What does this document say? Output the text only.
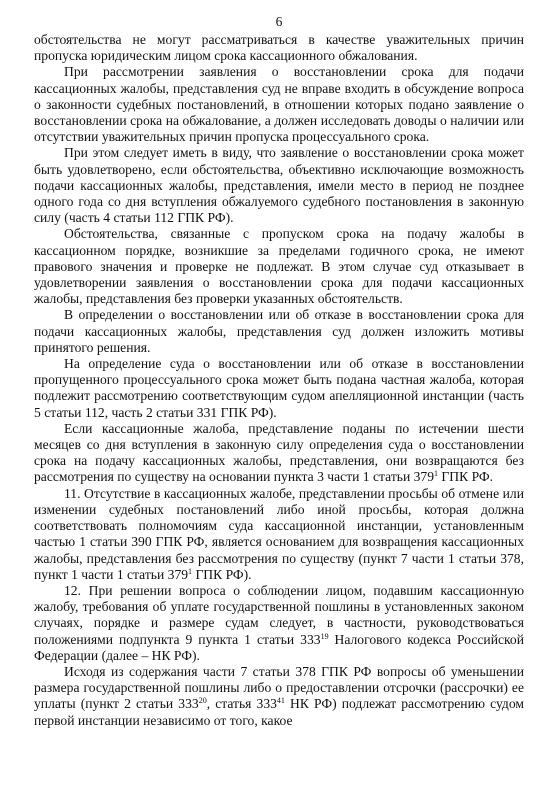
6

обстоятельства не могут рассматриваться в качестве уважительных причин пропуска юридическим лицом срока кассационного обжалования.

При рассмотрении заявления о восстановлении срока для подачи кассационных жалобы, представления суд не вправе входить в обсуждение вопроса о законности судебных постановлений, в отношении которых подано заявление о восстановлении срока на обжалование, а должен исследовать доводы о наличии или отсутствии уважительных причин пропуска процессуального срока.

При этом следует иметь в виду, что заявление о восстановлении срока может быть удовлетворено, если обстоятельства, объективно исключающие возможность подачи кассационных жалобы, представления, имели место в период не позднее одного года со дня вступления обжалуемого судебного постановления в законную силу (часть 4 статьи 112 ГПК РФ).

Обстоятельства, связанные с пропуском срока на подачу жалобы в кассационном порядке, возникшие за пределами годичного срока, не имеют правового значения и проверке не подлежат. В этом случае суд отказывает в удовлетворении заявления о восстановлении срока для подачи кассационных жалобы, представления без проверки указанных обстоятельств.

В определении о восстановлении или об отказе в восстановлении срока для подачи кассационных жалобы, представления суд должен изложить мотивы принятого решения.

На определение суда о восстановлении или об отказе в восстановлении пропущенного процессуального срока может быть подана частная жалоба, которая подлежит рассмотрению соответствующим судом апелляционной инстанции (часть 5 статьи 112, часть 2 статьи 331 ГПК РФ).

Если кассационные жалоба, представление поданы по истечении шести месяцев со дня вступления в законную силу определения суда о восстановлении срока на подачу кассационных жалобы, представления, они возвращаются без рассмотрения по существу на основании пункта 3 части 1 статьи $379^1$ ГПК РФ.

11. Отсутствие в кассационных жалобе, представлении просьбы об отмене или изменении судебных постановлений либо иной просьбы, которая должна соответствовать полномочиям суда кассационной инстанции, установленным частью 1 статьи 390 ГПК РФ, является основанием для возвращения кассационных жалобы, представления без рассмотрения по существу (пункт 7 части 1 статьи 378, пункт 1 части 1 статьи $379^1$ ГПК РФ).

12. При решении вопроса о соблюдении лицом, подавшим кассационную жалобу, требования об уплате государственной пошлины в установленных законом случаях, порядке и размере судам следует, в частности, руководствоваться положениями подпункта 9 пункта 1 статьи $333^{19}$ Налогового кодекса Российской Федерации (далее – НК РФ).

Исходя из содержания части 7 статьи 378 ГПК РФ вопросы об уменьшении размера государственной пошлины либо о предоставлении отсрочки (рассрочки) ее уплаты (пункт 2 статьи $333^{20}$, статья $333^{41}$ НК РФ) подлежат рассмотрению судом первой инстанции независимо от того, какое
